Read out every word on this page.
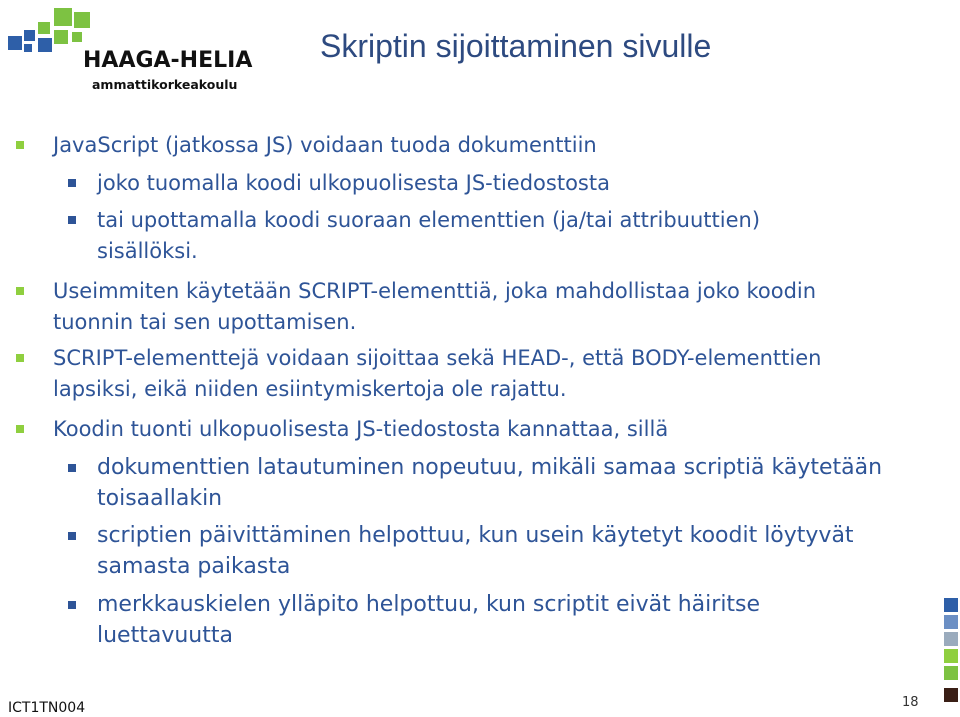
HAAGA-HELIA
ammattikorkeakoulu
Skriptin sijoittaminen sivulle
JavaScript (jatkossa JS) voidaan tuoda dokumenttiin
joko tuomalla koodi ulkopuolisesta JS-tiedostosta
tai upottamalla koodi suoraan elementtien (ja/tai attribuuttien)
sisällöksi.
Useimmiten käytetään SCRIPT-elementtiä, joka mahdollistaa joko koodin
tuonnin tai sen upottamisen.
SCRIPT-elementtejä voidaan sijoittaa sekä HEAD-, että BODY-elementtien
lapsiksi, eikä niiden esiintymiskertoja ole rajattu.
Koodin tuonti ulkopuolisesta JS-tiedostosta kannattaa, sillä
dokumenttien latautuminen nopeutuu, mikäli samaa scriptiä käytetään
toisaallakin
scriptien päivittäminen helpottuu, kun usein käytetyt koodit löytyvät
samasta paikasta
merkkauskielen ylläpito helpottuu, kun scriptit eivät häiritse
luettavuutta
ICT1TN004	18
